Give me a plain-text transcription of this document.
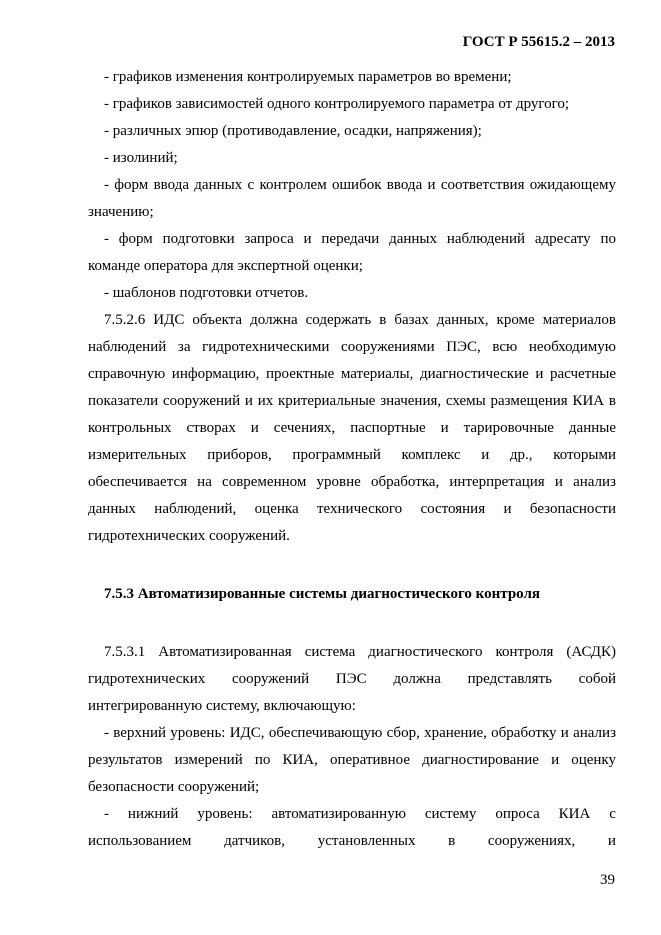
ГОСТ Р 55615.2 – 2013

- графиков изменения контролируемых параметров во времени;

- графиков зависимостей одного контролируемого параметра от другого;

- различных эпюр (противодавление, осадки, напряжения);

- изолиний;

- форм ввода данных с контролем ошибок ввода и соответствия ожидающему значению;

- форм подготовки запроса и передачи данных наблюдений адресату по команде оператора для экспертной оценки;

- шаблонов подготовки отчетов.

7.5.2.6 ИДС объекта должна содержать в базах данных, кроме материалов наблюдений за гидротехническими сооружениями ПЭС, всю необходимую справочную информацию, проектные материалы, диагностические и расчетные показатели сооружений и их критериальные значения, схемы размещения КИА в контрольных створах и сечениях, паспортные и тарировочные данные измерительных приборов, программный комплекс и др., которыми обеспечивается на современном уровне обработка, интерпретация и анализ данных наблюдений, оценка технического состояния и безопасности гидротехнических сооружений.

7.5.3 Автоматизированные системы диагностического контроля

7.5.3.1 Автоматизированная система диагностического контроля (АСДК) гидротехнических сооружений ПЭС должна представлять собой интегрированную систему, включающую:

- верхний уровень: ИДС, обеспечивающую сбор, хранение, обработку и анализ результатов измерений по КИА, оперативное диагностирование и оценку безопасности сооружений;

- нижний уровень: автоматизированную систему опроса КИА с
использованием датчиков, установленных в сооружениях, и
39
